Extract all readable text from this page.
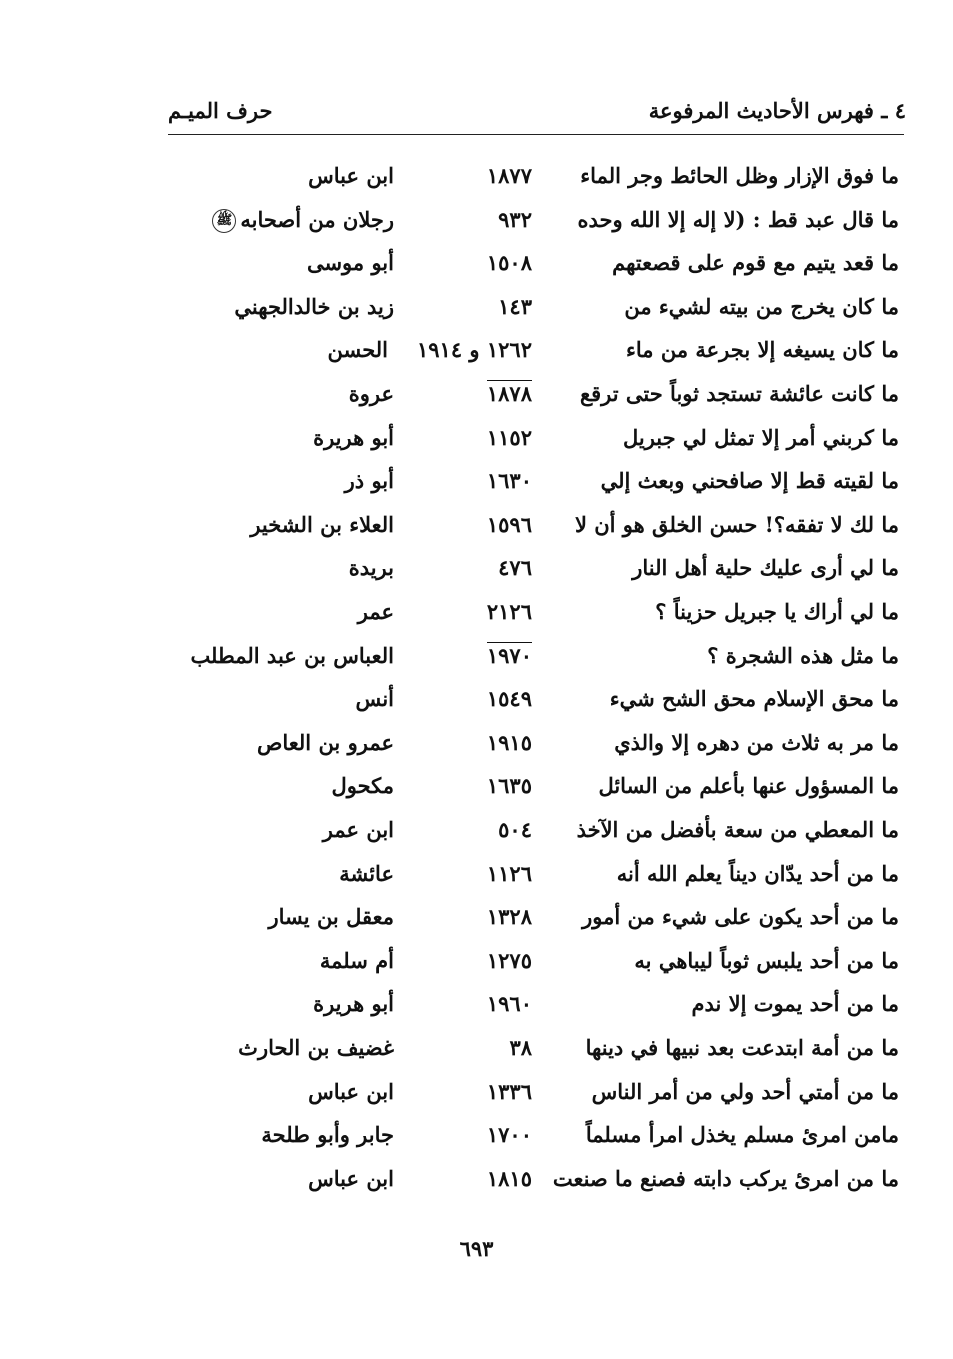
٤ ـ فهرس الأحاديث المرفوعة
حرف الميـم
ما فوق الإزار وظل الحائط وجر الماء
١٨٧٧
ابن عباس
ما قال عبد قط : (لا إله إلا الله وحده
٩٣٢
رجلان من أصحابهﷺ
ما قعد يتيم مع قوم على قصعتهم
١٥٠٨
أبو موسى
ما كان يخرج من بيته لشيء من
١٤٣
زيد بن خالدالجهني
ما كان يسيغه إلا بجرعة من ماء
١٢٦٢ و ١٩١٤
الحسن
ما كانت عائشة تستجد ثوباً حتى ترقع
١٨٧٨
عروة
ما كربني أمر إلا تمثل لي جبريل
١١٥٢
أبو هريرة
ما لقيته قط إلا صافحني وبعث إلي
١٦٣٠
أبو ذر
ما لك لا تفقه؟! حسن الخلق هو أن لا
١٥٩٦
العلاء بن الشخير
ما لي أرى عليك حلية أهل النار
٤٧٦
بريدة
ما لي أراك يا جبريل حزيناً ؟
٢١٢٦
عمر
ما مثل هذه الشجرة ؟
١٩٧٠
العباس بن عبد المطلب
ما محق الإسلام محق الشح شيء
١٥٤٩
أنس
ما مر به ثلاث من دهره إلا والذي
١٩١٥
عمرو بن العاص
ما المسؤول عنها بأعلم من السائل
١٦٣٥
مكحول
ما المعطي من سعة بأفضل من الآخذ
٥٠٤
ابن عمر
ما من أحد يدّان ديناً يعلم الله أنه
١١٢٦
عائشة
ما من أحد يكون على شيء من أمور
١٣٢٨
معقل بن يسار
ما من أحد يلبس ثوباً ليباهي به
١٢٧٥
أم سلمة
ما من أحد يموت إلا ندم
١٩٦٠
أبو هريرة
ما من أمة ابتدعت بعد نبيها في دينها
٣٨
غضيف بن الحارث
ما من أمتي أحد ولي من أمر الناس
١٣٣٦
ابن عباس
مامن امرئ مسلم يخذل امرأ مسلماً
١٧٠٠
جابر وأبو طلحة
ما من امرئ يركب دابته فصنع ما صنعت
١٨١٥
ابن عباس
٦٩٣
